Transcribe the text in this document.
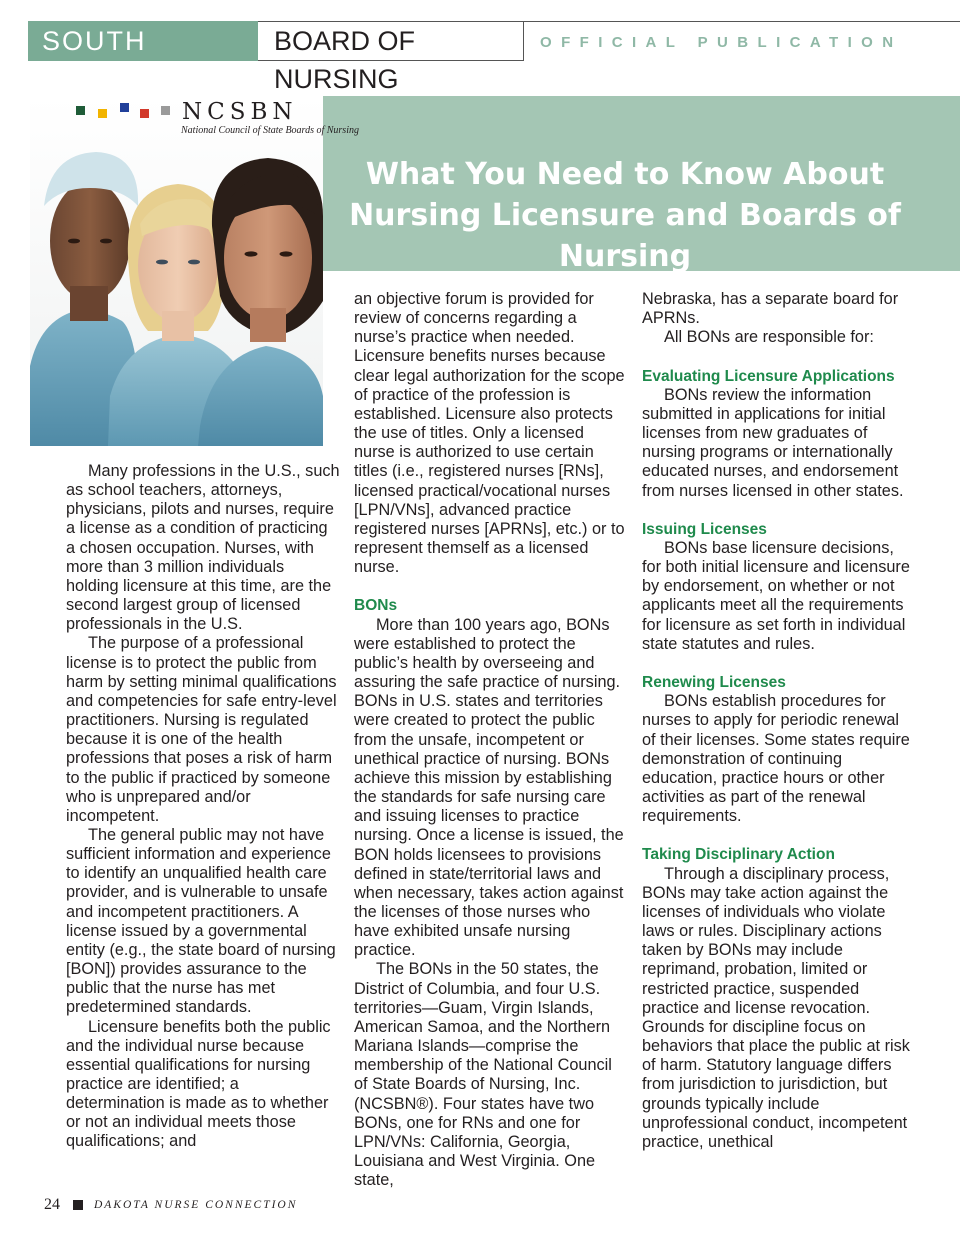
SOUTH DAKOTA
BOARD OF NURSING
OFFICIAL PUBLICATION
What You Need to Know About Nursing Licensure and Boards of Nursing
NCSBN
National Council of State Boards of Nursing

Many professions in the U.S., such as school teachers, attorneys, physicians, pilots and nurses, require a license as a condition of practicing a chosen occupation. Nurses, with more than 3 million individuals holding licensure at this time, are the second largest group of licensed professionals in the U.S.

The purpose of a professional license is to protect the public from harm by setting minimal qualifications and competencies for safe entry-level practitioners. Nursing is regulated because it is one of the health professions that poses a risk of harm to the public if practiced by someone who is unprepared and/or incompetent.

The general public may not have sufficient information and experience to identify an unqualified health care provider, and is vulnerable to unsafe and incompetent practitioners. A license issued by a governmental entity (e.g., the state board of nursing [BON]) provides assurance to the public that the nurse has met predetermined standards.

Licensure benefits both the public and the individual nurse because essential qualifications for nursing practice are identified; a determination is made as to whether or not an individual meets those qualifications; and

an objective forum is provided for review of concerns regarding a nurse’s practice when needed. Licensure benefits nurses because clear legal authorization for the scope of practice of the profession is established. Licensure also protects the use of titles. Only a licensed nurse is authorized to use certain titles (i.e., registered nurses [RNs], licensed practical/vocational nurses [LPN/VNs], advanced practice registered nurses [APRNs], etc.) or to represent themself as a licensed nurse.

BONs

More than 100 years ago, BONs were established to protect the public’s health by overseeing and assuring the safe practice of nursing. BONs in U.S. states and territories were created to protect the public from the unsafe, incompetent or unethical practice of nursing. BONs achieve this mission by establishing the standards for safe nursing care and issuing licenses to practice nursing. Once a license is issued, the BON holds licensees to provisions defined in state/territorial laws and when necessary, takes action against the licenses of those nurses who have exhibited unsafe nursing practice.

The BONs in the 50 states, the District of Columbia, and four U.S. territories—Guam, Virgin Islands, American Samoa, and the Northern Mariana Islands—comprise the membership of the National Council of State Boards of Nursing, Inc. (NCSBN®). Four states have two BONs, one for RNs and one for LPN/VNs: California, Georgia, Louisiana and West Virginia. One state,

Nebraska, has a separate board for APRNs.

All BONs are responsible for:

Evaluating Licensure Applications

BONs review the information submitted in applications for initial licenses from new graduates of nursing programs or internationally educated nurses, and endorsement from nurses licensed in other states.

Issuing Licenses

BONs base licensure decisions, for both initial licensure and licensure by endorsement, on whether or not applicants meet all the requirements for licensure as set forth in individual state statutes and rules.

Renewing Licenses

BONs establish procedures for nurses to apply for periodic renewal of their licenses. Some states require demonstration of continuing education, practice hours or other activities as part of the renewal requirements.

Taking Disciplinary Action

Through a disciplinary process, BONs may take action against the licenses of individuals who violate laws or rules. Disciplinary actions taken by BONs may include reprimand, probation, limited or restricted practice, suspended practice and license revocation. Grounds for discipline focus on behaviors that place the public at risk of harm. Statutory language differs from jurisdiction to jurisdiction, but grounds typically include unprofessional conduct, incompetent practice, unethical

24	DAKOTA NURSE CONNECTION
